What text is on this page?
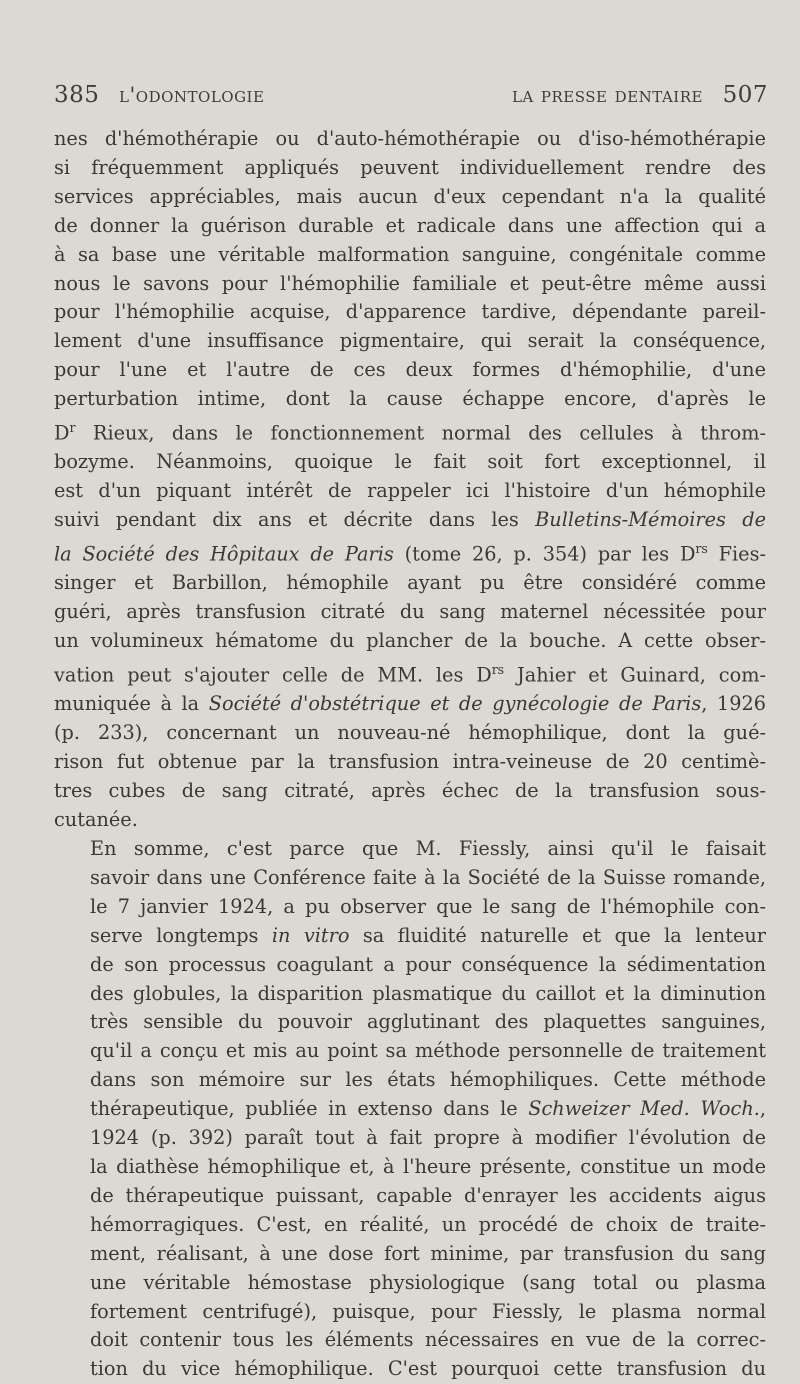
385 l'odontologie	la presse dentaire 507

nes d'hémothérapie ou d'auto-hémothérapie ou d'iso-hémothérapie
si fréquemment appliqués peuvent individuellement rendre des
services appréciables, mais aucun d'eux cependant n'a la qualité
de donner la guérison durable et radicale dans une affection qui a
à sa base une véritable malformation sanguine, congénitale comme
nous le savons pour l'hémophilie familiale et peut-être même aussi
pour l'hémophilie acquise, d'apparence tardive, dépendante pareil-
lement d'une insuffisance pigmentaire, qui serait la conséquence,
pour l'une et l'autre de ces deux formes d'hémophilie, d'une
perturbation intime, dont la cause échappe encore, d'après le
$D^r$ Rieux, dans le fonctionnement normal des cellules à throm-
bozyme. Néanmoins, quoique le fait soit fort exceptionnel, il
est d'un piquant intérêt de rappeler ici l'histoire d'un hémophile
suivi pendant dix ans et décrite dans les Bulletins-Mémoires de
la Société des Hôpitaux de Paris (tome 26, p. 354) par les $D^{rs}$ Fies-
singer et Barbillon, hémophile ayant pu être considéré comme
guéri, après transfusion citraté du sang maternel nécessitée pour
un volumineux hématome du plancher de la bouche. A cette obser-
vation peut s'ajouter celle de MM. les $D^{rs}$ Jahier et Guinard, com-
muniquée à la Société d'obstétrique et de gynécologie de Paris, 1926
(p. 233), concernant un nouveau-né hémophilique, dont la gué-
rison fut obtenue par la transfusion intra-veineuse de 20 centimè-
tres cubes de sang citraté, après échec de la transfusion sous-
cutanée.

En somme, c'est parce que M. Fiessly, ainsi qu'il le faisait
savoir dans une Conférence faite à la Société de la Suisse romande,
le 7 janvier 1924, a pu observer que le sang de l'hémophile con-
serve longtemps in vitro sa fluidité naturelle et que la lenteur
de son processus coagulant a pour conséquence la sédimentation
des globules, la disparition plasmatique du caillot et la diminution
très sensible du pouvoir agglutinant des plaquettes sanguines,
qu'il a conçu et mis au point sa méthode personnelle de traitement
dans son mémoire sur les états hémophiliques. Cette méthode
thérapeutique, publiée in extenso dans le Schweizer Med. Woch.,
1924 (p. 392) paraît tout à fait propre à modifier l'évolution de
la diathèse hémophilique et, à l'heure présente, constitue un mode
de thérapeutique puissant, capable d'enrayer les accidents aigus
hémorragiques. C'est, en réalité, un procédé de choix de traite-
ment, réalisant, à une dose fort minime, par transfusion du sang
une véritable hémostase physiologique (sang total ou plasma
fortement centrifugé), puisque, pour Fiessly, le plasma normal
doit contenir tous les éléments nécessaires en vue de la correc-
tion du vice hémophilique. C'est pourquoi cette transfusion du
